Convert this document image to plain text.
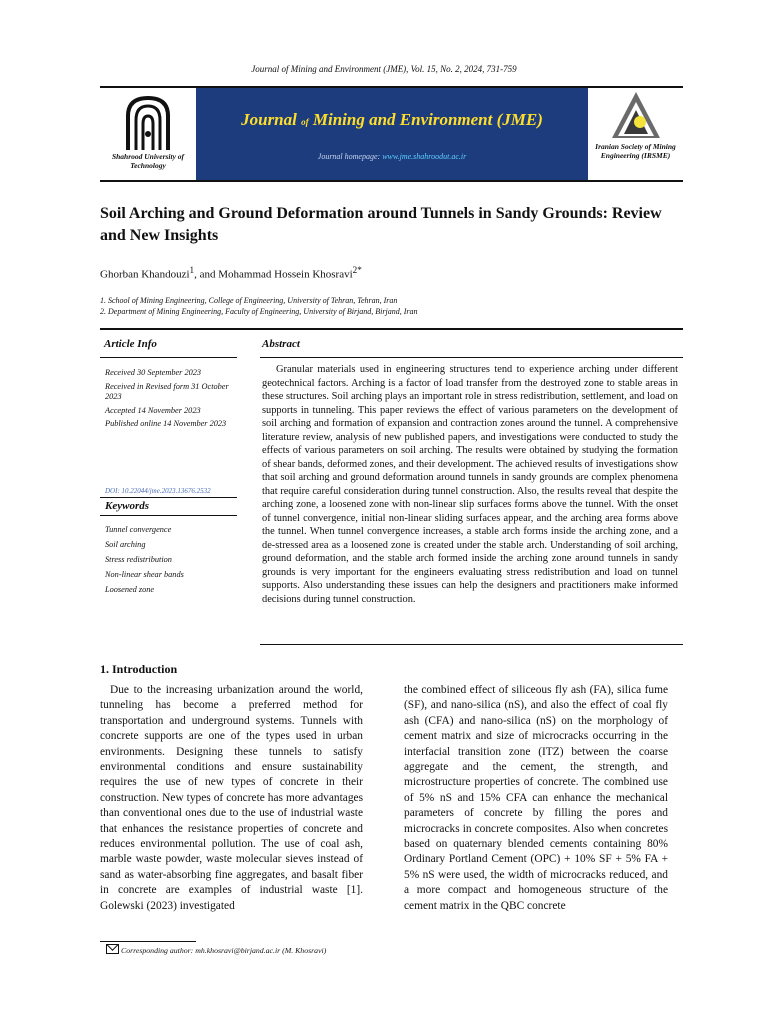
Journal of Mining and Environment (JME), Vol. 15, No. 2, 2024, 731-759
Shahrood University of Technology
Journal of Mining and Environment (JME)
Journal homepage: www.jme.shahroodut.ac.ir
Iranian Society of Mining Engineering (IRSME)
Soil Arching and Ground Deformation around Tunnels in Sandy Grounds: Review and New Insights
Ghorban Khandouzi$^1$, and Mohammad Hossein Khosravi$^{2*}$
1. School of Mining Engineering, College of Engineering, University of Tehran, Tehran, Iran
2. Department of Mining Engineering, Faculty of Engineering, University of Birjand, Birjand, Iran
Article Info	Abstract
Received 30 September 2023
Received in Revised form 31 October 2023
Accepted 14 November 2023
Published online 14 November 2023
DOI: 10.22044/jme.2023.13676.2532
Keywords
Tunnel convergence
Soil arching
Stress redistribution
Non-linear shear bands
Loosened zone
Granular materials used in engineering structures tend to experience arching under different geotechnical factors. Arching is a factor of load transfer from the destroyed zone to stable areas in these structures. Soil arching plays an important role in stress redistribution, settlement, and load on supports in tunneling. This paper reviews the effect of various parameters on the development of soil arching and formation of expansion and contraction zones around the tunnel. A comprehensive literature review, analysis of new published papers, and investigations were conducted to study the effects of various parameters on soil arching. The results were obtained by studying the formation of shear bands, deformed zones, and their development. The achieved results of investigations show that soil arching and ground deformation around tunnels in sandy grounds are complex phenomena that require careful consideration during tunnel construction. Also, the results reveal that despite the arching zone, a loosened zone with non-linear slip surfaces forms above the tunnel. With the onset of tunnel convergence, initial non-linear sliding surfaces appear, and the arching area forms above the tunnel. When tunnel convergence increases, a stable arch forms inside the arching zone, and a de-stressed area as a loosened zone is created under the stable arch. Understanding of soil arching, ground deformation, and the stable arch formed inside the arching zone around tunnels in sandy grounds is very important for the engineers evaluating stress redistribution and load on tunnel supports. Also understanding these issues can help the designers and practitioners make informed decisions during tunnel construction.
1. Introduction
Due to the increasing urbanization around the world, tunneling has become a preferred method for transportation and underground systems. Tunnels with concrete supports are one of the types used in urban environments. Designing these tunnels to satisfy environmental conditions and ensure sustainability requires the use of new types of concrete in their construction. New types of concrete has more advantages than conventional ones due to the use of industrial waste that enhances the resistance properties of concrete and reduces environmental pollution. The use of coal ash, marble waste powder, waste molecular sieves instead of sand as water-absorbing fine aggregates, and basalt fiber in concrete are examples of industrial waste [1]. Golewski (2023) investigated
the combined effect of siliceous fly ash (FA), silica fume (SF), and nano-silica (nS), and also the effect of coal fly ash (CFA) and nano-silica (nS) on the morphology of cement matrix and size of microcracks occurring in the interfacial transition zone (ITZ) between the coarse aggregate and the cement, the strength, and microstructure properties of concrete. The combined use of 5% nS and 15% CFA can enhance the mechanical parameters of concrete by filling the pores and microcracks in concrete composites. Also when concretes based on quaternary blended cements containing 80% Ordinary Portland Cement (OPC) + 10% SF + 5% FA + 5% nS were used, the width of microcracks reduced, and a more compact and homogeneous structure of the cement matrix in the QBC concrete
Corresponding author: mh.khosravi@birjand.ac.ir (M. Khosravi)
